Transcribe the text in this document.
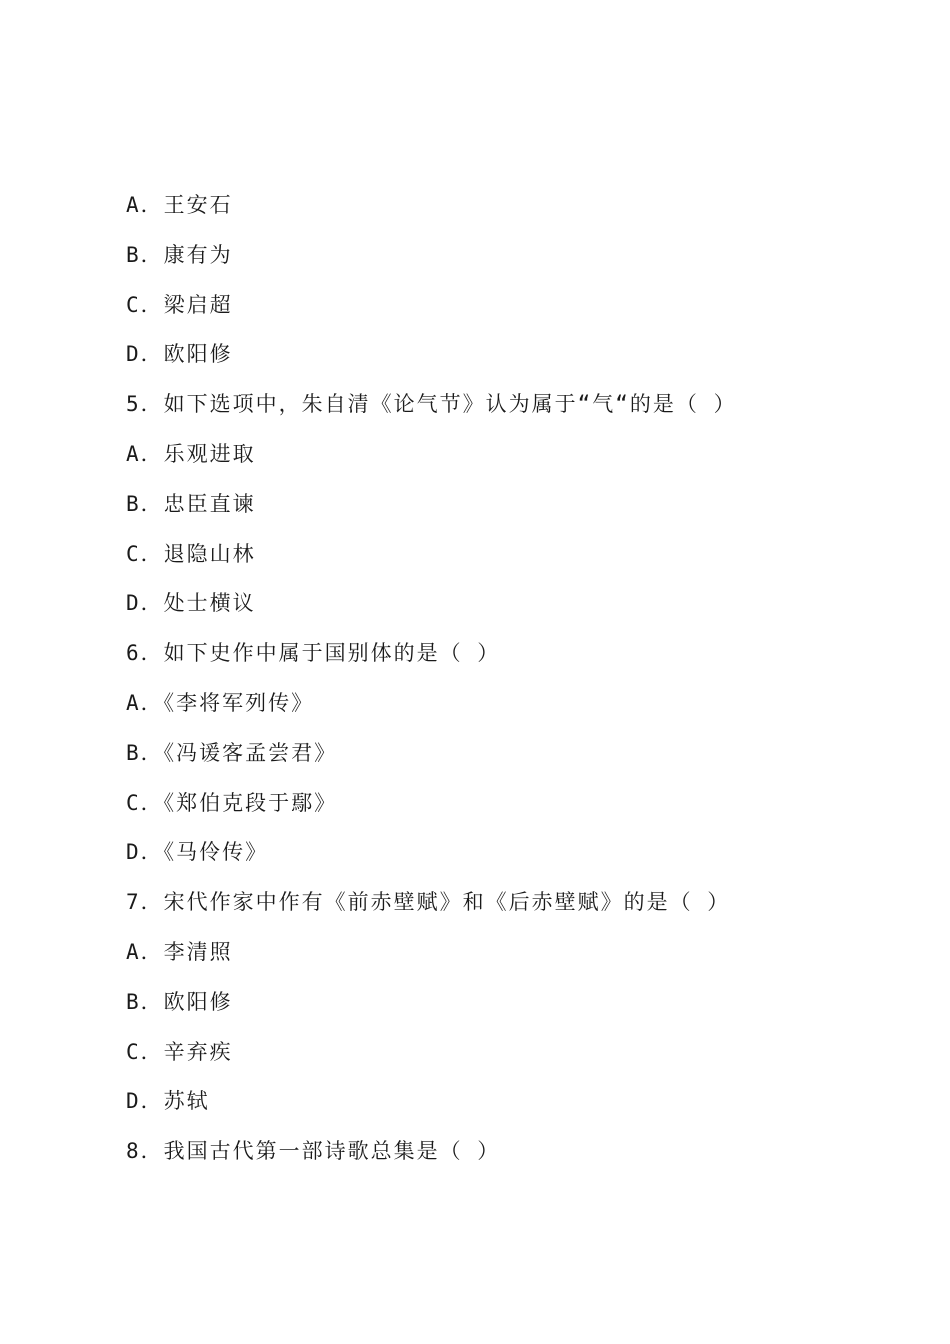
A．王安石
B．康有为
C．梁启超
D．欧阳修
5．如下选项中，朱自清《论气节》认为属于“气“的是（ ）
A．乐观进取
B．忠臣直谏
C．退隐山林
D．处士横议
6．如下史作中属于国别体的是（ ）
A．《李将军列传》
B．《冯谖客孟尝君》
C．《郑伯克段于鄢》
D．《马伶传》
7．宋代作家中作有《前赤壁赋》和《后赤壁赋》的是（ ）
A．李清照
B．欧阳修
C．辛弃疾
D．苏轼
8．我国古代第一部诗歌总集是（ ）
